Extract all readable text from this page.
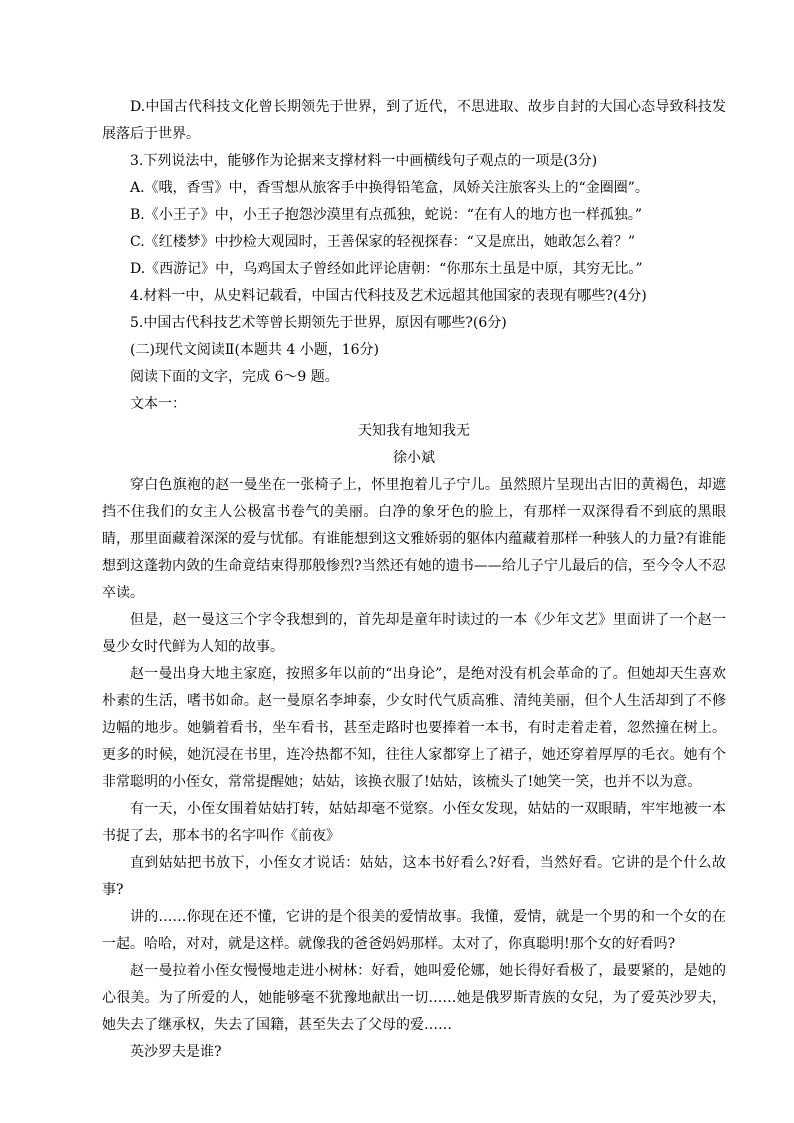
D.中国古代科技文化曾长期领先于世界，到了近代，不思进取、故步自封的大国心态导致科技发展落后于世界。

3.下列说法中，能够作为论据来支撑材料一中画横线句子观点的一项是(3分)

A.《哦，香雪》中，香雪想从旅客手中换得铅笔盒，凤娇关注旅客头上的“金圈圈”。

B.《小王子》中，小王子抱怨沙漠里有点孤独，蛇说：“在有人的地方也一样孤独。”

C.《红楼梦》中抄检大观园时，王善保家的轻视探春：“又是庶出，她敢怎么着？”

D.《西游记》中，乌鸡国太子曾经如此评论唐朝：“你那东土虽是中原，其穷无比。”

4.材料一中，从史料记载看，中国古代科技及艺术远超其他国家的表现有哪些?(4分)

5.中国古代科技艺术等曾长期领先于世界，原因有哪些?(6分)

(二)现代文阅读Ⅱ(本题共 4 小题，16分)

阅读下面的文字，完成 6～9 题。

文本一：

天知我有地知我无

徐小斌

穿白色旗袍的赵一曼坐在一张椅子上，怀里抱着儿子宁儿。虽然照片呈现出古旧的黄褐色，却遮挡不住我们的女主人公极富书卷气的美丽。白净的象牙色的脸上，有那样一双深得看不到底的黑眼睛，那里面藏着深深的爱与忧郁。有谁能想到这文雅娇弱的躯体内蕴藏着那样一种骇人的力量?有谁能想到这蓬勃内敛的生命竟结束得那般惨烈?当然还有她的遗书——给儿子宁儿最后的信，至今令人不忍卒读。

但是，赵一曼这三个字令我想到的，首先却是童年时读过的一本《少年文艺》里面讲了一个赵一曼少女时代鲜为人知的故事。

赵一曼出身大地主家庭，按照多年以前的“出身论”，是绝对没有机会革命的了。但她却天生喜欢朴素的生活，嗜书如命。赵一曼原名李坤泰，少女时代气质高雅、清纯美丽，但个人生活却到了不修边幅的地步。她躺着看书，坐车看书，甚至走路时也要捧着一本书，有时走着走着，忽然撞在树上。更多的时候，她沉浸在书里，连冷热都不知，往往人家都穿上了裙子，她还穿着厚厚的毛衣。她有个非常聪明的小侄女，常常提醒她；姑姑，该换衣服了!姑姑，该梳头了!她笑一笑，也并不以为意。

有一天，小侄女围着姑姑打转，姑姑却毫不觉察。小侄女发现，姑姑的一双眼睛，牢牢地被一本书捉了去，那本书的名字叫作《前夜》

直到姑姑把书放下，小侄女才说话：姑姑，这本书好看么?好看，当然好看。它讲的是个什么故事?

讲的……你现在还不懂，它讲的是个很美的爱情故事。我懂，爱情，就是一个男的和一个女的在一起。哈哈，对对，就是这样。就像我的爸爸妈妈那样。太对了，你真聪明!那个女的好看吗?

赵一曼拉着小侄女慢慢地走进小树林：好看，她叫爱伦娜，她长得好看极了，最要紧的，是她的心很美。为了所爱的人，她能够毫不犹豫地献出一切……她是俄罗斯青族的女兒，为了爱英沙罗夫，她失去了继承权，失去了国籍，甚至失去了父母的爱……

英沙罗夫是谁?
